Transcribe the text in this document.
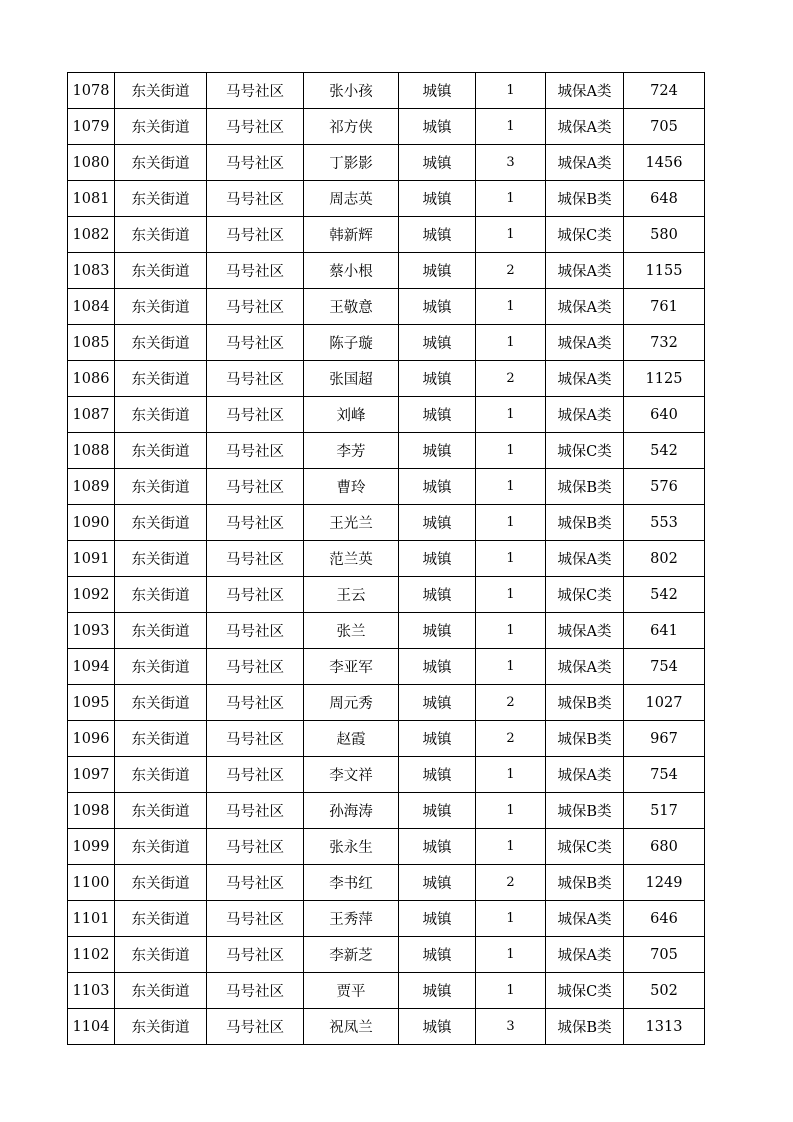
1078	东关街道	马号社区	张小孩	城镇	1	城保A类	724
1079	东关街道	马号社区	祁方侠	城镇	1	城保A类	705
1080	东关街道	马号社区	丁影影	城镇	3	城保A类	1456
1081	东关街道	马号社区	周志英	城镇	1	城保B类	648
1082	东关街道	马号社区	韩新辉	城镇	1	城保C类	580
1083	东关街道	马号社区	蔡小根	城镇	2	城保A类	1155
1084	东关街道	马号社区	王敬意	城镇	1	城保A类	761
1085	东关街道	马号社区	陈子璇	城镇	1	城保A类	732
1086	东关街道	马号社区	张国超	城镇	2	城保A类	1125
1087	东关街道	马号社区	刘峰	城镇	1	城保A类	640
1088	东关街道	马号社区	李芳	城镇	1	城保C类	542
1089	东关街道	马号社区	曹玲	城镇	1	城保B类	576
1090	东关街道	马号社区	王光兰	城镇	1	城保B类	553
1091	东关街道	马号社区	范兰英	城镇	1	城保A类	802
1092	东关街道	马号社区	王云	城镇	1	城保C类	542
1093	东关街道	马号社区	张兰	城镇	1	城保A类	641
1094	东关街道	马号社区	李亚军	城镇	1	城保A类	754
1095	东关街道	马号社区	周元秀	城镇	2	城保B类	1027
1096	东关街道	马号社区	赵霞	城镇	2	城保B类	967
1097	东关街道	马号社区	李文祥	城镇	1	城保A类	754
1098	东关街道	马号社区	孙海涛	城镇	1	城保B类	517
1099	东关街道	马号社区	张永生	城镇	1	城保C类	680
1100	东关街道	马号社区	李书红	城镇	2	城保B类	1249
1101	东关街道	马号社区	王秀萍	城镇	1	城保A类	646
1102	东关街道	马号社区	李新芝	城镇	1	城保A类	705
1103	东关街道	马号社区	贾平	城镇	1	城保C类	502
1104	东关街道	马号社区	祝凤兰	城镇	3	城保B类	1313
